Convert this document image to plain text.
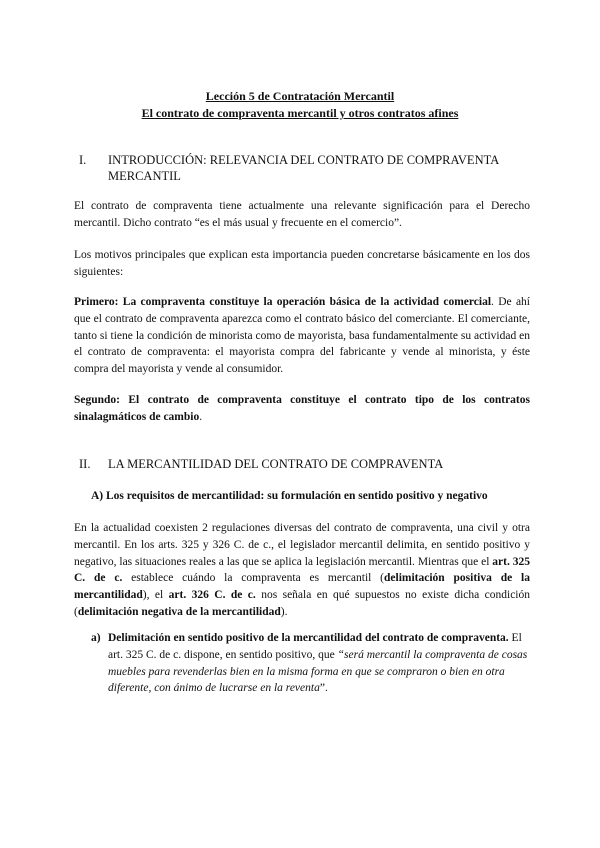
Lección 5 de Contratación Mercantil
El contrato de compraventa mercantil y otros contratos afines
I. INTRODUCCIÓN: RELEVANCIA DEL CONTRATO DE COMPRAVENTA MERCANTIL
El contrato de compraventa tiene actualmente una relevante significación para el Derecho mercantil. Dicho contrato “es el más usual y frecuente en el comercio”.
Los motivos principales que explican esta importancia pueden concretarse básicamente en los dos siguientes:
Primero: La compraventa constituye la operación básica de la actividad comercial. De ahí que el contrato de compraventa aparezca como el contrato básico del comerciante. El comerciante, tanto si tiene la condición de minorista como de mayorista, basa fundamentalmente su actividad en el contrato de compraventa: el mayorista compra del fabricante y vende al minorista, y éste compra del mayorista y vende al consumidor.
Segundo: El contrato de compraventa constituye el contrato tipo de los contratos sinalagmáticos de cambio.
II. LA MERCANTILIDAD DEL CONTRATO DE COMPRAVENTA
A) Los requisitos de mercantilidad: su formulación en sentido positivo y negativo
En la actualidad coexisten 2 regulaciones diversas del contrato de compraventa, una civil y otra mercantil. En los arts. 325 y 326 C. de c., el legislador mercantil delimita, en sentido positivo y negativo, las situaciones reales a las que se aplica la legislación mercantil. Mientras que el art. 325 C. de c. establece cuándo la compraventa es mercantil (delimitación positiva de la mercantilidad), el art. 326 C. de c. nos señala en qué supuestos no existe dicha condición (delimitación negativa de la mercantilidad).
a) Delimitación en sentido positivo de la mercantilidad del contrato de compraventa. El art. 325 C. de c. dispone, en sentido positivo, que “será mercantil la compraventa de cosas muebles para revenderlas bien en la misma forma en que se compraron o bien en otra diferente, con ánimo de lucrarse en la reventa”.
